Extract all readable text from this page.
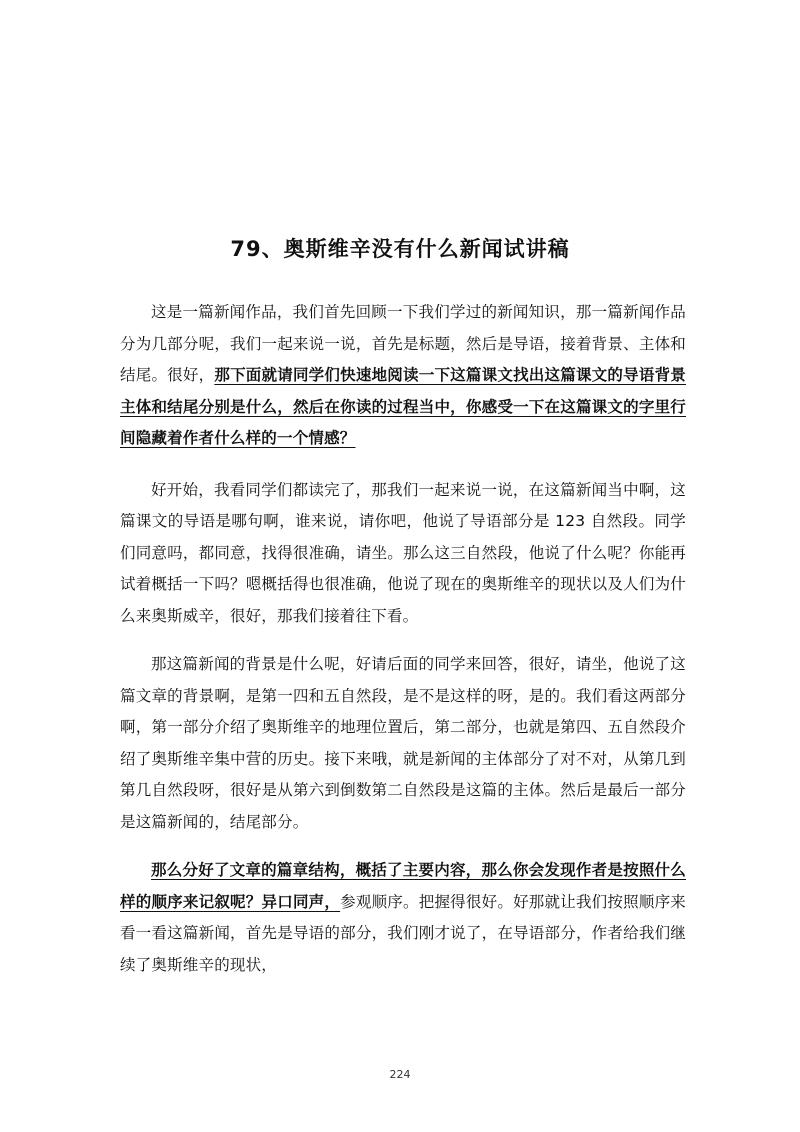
79、奥斯维辛没有什么新闻试讲稿

这是一篇新闻作品，我们首先回顾一下我们学过的新闻知识，那一篇新闻作品分为几部分呢，我们一起来说一说，首先是标题，然后是导语，接着背景、主体和结尾。很好，那下面就请同学们快速地阅读一下这篇课文找出这篇课文的导语背景主体和结尾分别是什么，然后在你读的过程当中，你感受一下在这篇课文的字里行间隐藏着作者什么样的一个情感？

好开始，我看同学们都读完了，那我们一起来说一说，在这篇新闻当中啊，这篇课文的导语是哪句啊，谁来说，请你吧，他说了导语部分是 123 自然段。同学们同意吗，都同意，找得很准确，请坐。那么这三自然段，他说了什么呢？你能再试着概括一下吗？嗯概括得也很准确，他说了现在的奥斯维辛的现状以及人们为什么来奥斯威辛，很好，那我们接着往下看。

那这篇新闻的背景是什么呢，好请后面的同学来回答，很好，请坐，他说了这篇文章的背景啊，是第一四和五自然段，是不是这样的呀，是的。我们看这两部分啊，第一部分介绍了奥斯维辛的地理位置后，第二部分，也就是第四、五自然段介绍了奥斯维辛集中营的历史。接下来哦，就是新闻的主体部分了对不对，从第几到第几自然段呀，很好是从第六到倒数第二自然段是这篇的主体。然后是最后一部分是这篇新闻的，结尾部分。

那么分好了文章的篇章结构，概括了主要内容，那么你会发现作者是按照什么样的顺序来记叙呢？异口同声，参观顺序。把握得很好。好那就让我们按照顺序来看一看这篇新闻，首先是导语的部分，我们刚才说了，在导语部分，作者给我们继续了奥斯维辛的现状，

224
